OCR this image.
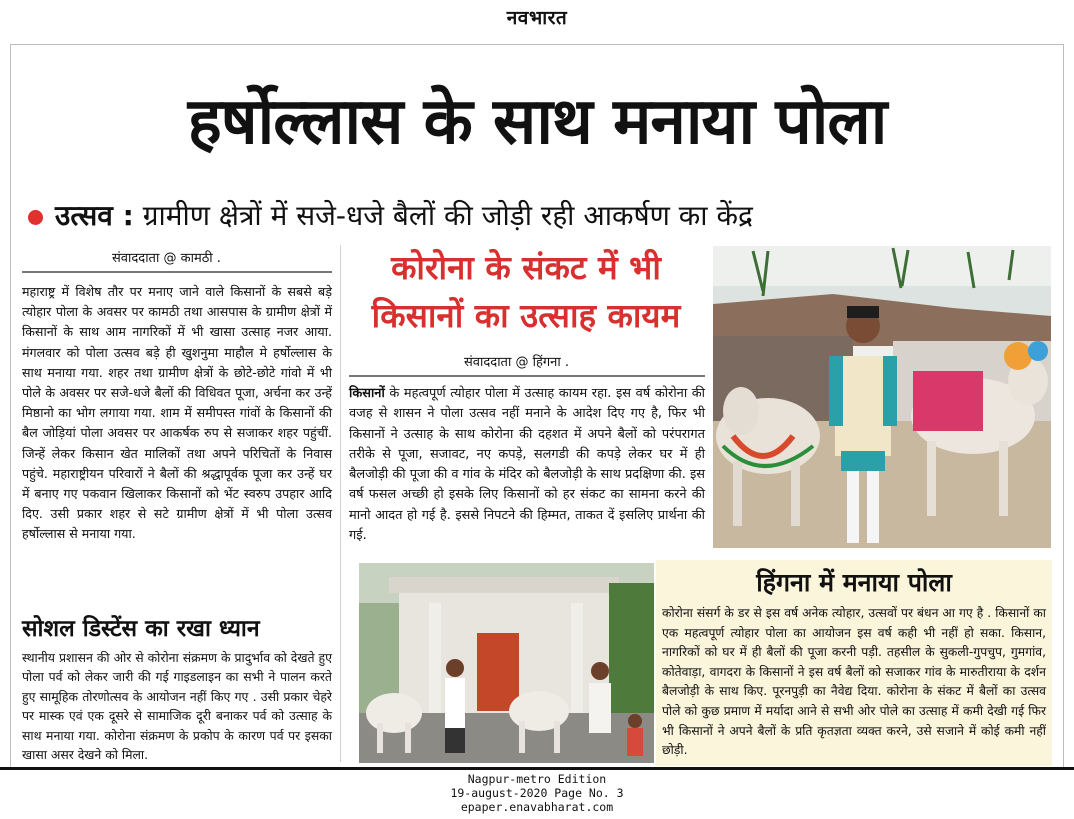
नवभारत
हर्षोल्लास के साथ मनाया पोला
उत्सव : ग्रामीण क्षेत्रों में सजे-धजे बैलों की जोड़ी रही आकर्षण का केंद्र
संवाददाता @ कामठी .

महाराष्ट्र में विशेष तौर पर मनाए जाने वाले किसानों के सबसे बड़े त्योहार पोला के अवसर पर कामठी तथा आसपास के ग्रामीण क्षेत्रों में किसानों के साथ आम नागरिकों में भी खासा उत्साह नजर आया. मंगलवार को पोला उत्सव बड़े ही खुशनुमा माहौल मे हर्षोल्लास के साथ मनाया गया. शहर तथा ग्रामीण क्षेत्रों के छोटे-छोटे गांवो में भी पोले के अवसर पर सजे-धजे बैलों की विधिवत पूजा, अर्चना कर उन्हें मिष्ठानो का भोग लगाया गया. शाम में समीपस्त गांवों के किसानों की बैल जोड़ियां पोला अवसर पर आकर्षक रुप से सजाकर शहर पहुंचीं. जिन्हें लेकर किसान खेत मालिकों तथा अपने परिचितों के निवास पहुंचे. महाराष्ट्रीयन परिवारों ने बैलों की श्रद्धापूर्वक पूजा कर उन्हें घर में बनाए गए पकवान खिलाकर किसानों को भेंट स्वरुप उपहार आदि दिए. उसी प्रकार शहर से सटे ग्रामीण क्षेत्रों में भी पोला उत्सव हर्षोल्लास से मनाया गया.

सोशल डिस्टेंस का रखा ध्यान

स्थानीय प्रशासन की ओर से कोरोना संक्रमण के प्रादुर्भाव को देखते हुए पोला पर्व को लेकर जारी की गई गाइडलाइन का सभी ने पालन करते हुए सामूहिक तोरणोत्सव के आयोजन नहीं किए गए . उसी प्रकार चेहरे पर मास्क एवं एक दूसरे से सामाजिक दूरी बनाकर पर्व को उत्साह के साथ मनाया गया. कोरोना संक्रमण के प्रकोप के कारण पर्व पर इसका खासा असर देखने को मिला.

कोरोना के संकट में भी
किसानों का उत्साह कायम
संवाददाता @ हिंगना .

किसानों के महत्वपूर्ण त्योहार पोला में उत्साह कायम रहा. इस वर्ष कोरोना की वजह से शासन ने पोला उत्सव नहीं मनाने के आदेश दिए गए है, फिर भी किसानों ने उत्साह के साथ कोरोना की दहशत में अपने बैलों को परंपरागत तरीके से पूजा, सजावट, नए कपड़े, सलगडी की कपड़े लेकर घर में ही बैलजोड़ी की पूजा की व गांव के मंदिर को बैलजोड़ी के साथ प्रदक्षिणा की. इस वर्ष फसल अच्छी हो इसके लिए किसानों को हर संकट का सामना करने की मानो आदत हो गई है. इससे निपटने की हिम्मत, ताकत दें इसलिए प्रार्थना की गई.

हिंगना में मनाया पोला

कोरोना संसर्ग के डर से इस वर्ष अनेक त्योहार, उत्सवों पर बंधन आ गए है . किसानों का एक महत्वपूर्ण त्योहार पोला का आयोजन इस वर्ष कही भी नहीं हो सका. किसान, नागरिकों को घर में ही बैलों की पूजा करनी पड़ी. तहसील के सुकली-गुपचुप, गुमगांव, कोतेवाड़ा, वागदरा के किसानों ने इस वर्ष बैलों को सजाकर गांव के मारुतीराया के दर्शन बैलजोड़ी के साथ किए. पूरनपुड़ी का नैवेद्य दिया. कोरोना के संकट में बैलों का उत्सव पोले को कुछ प्रमाण में मर्यादा आने से सभी ओर पोले का उत्साह में कमी देखी गई फिर भी किसानों ने अपने बैलों के प्रति कृतज्ञता व्यक्त करने, उसे सजाने में कोई कमी नहीं छोड़ी.

Nagpur-metro Edition
19-august-2020 Page No. 3
epaper.enavabharat.com
